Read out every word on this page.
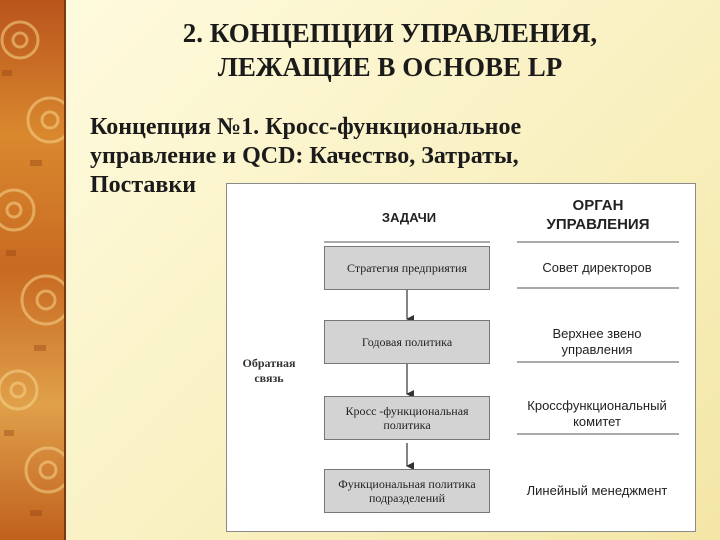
2. КОНЦЕПЦИИ УПРАВЛЕНИЯ,
ЛЕЖАЩИЕ В ОСНОВЕ LP
Концепция №1. Кросс-функциональное управление и QCD: Качество, Затраты, Поставки
ЗАДАЧИ
ОРГАН
УПРАВЛЕНИЯ
Обратная
связь
Стратегия предприятия
Годовая политика
Кросс -функциональная политика
Функциональная политика подразделений
Совет директоров
Верхнее звено
управления
Кроссфункциональный
комитет
Линейный менеджмент
